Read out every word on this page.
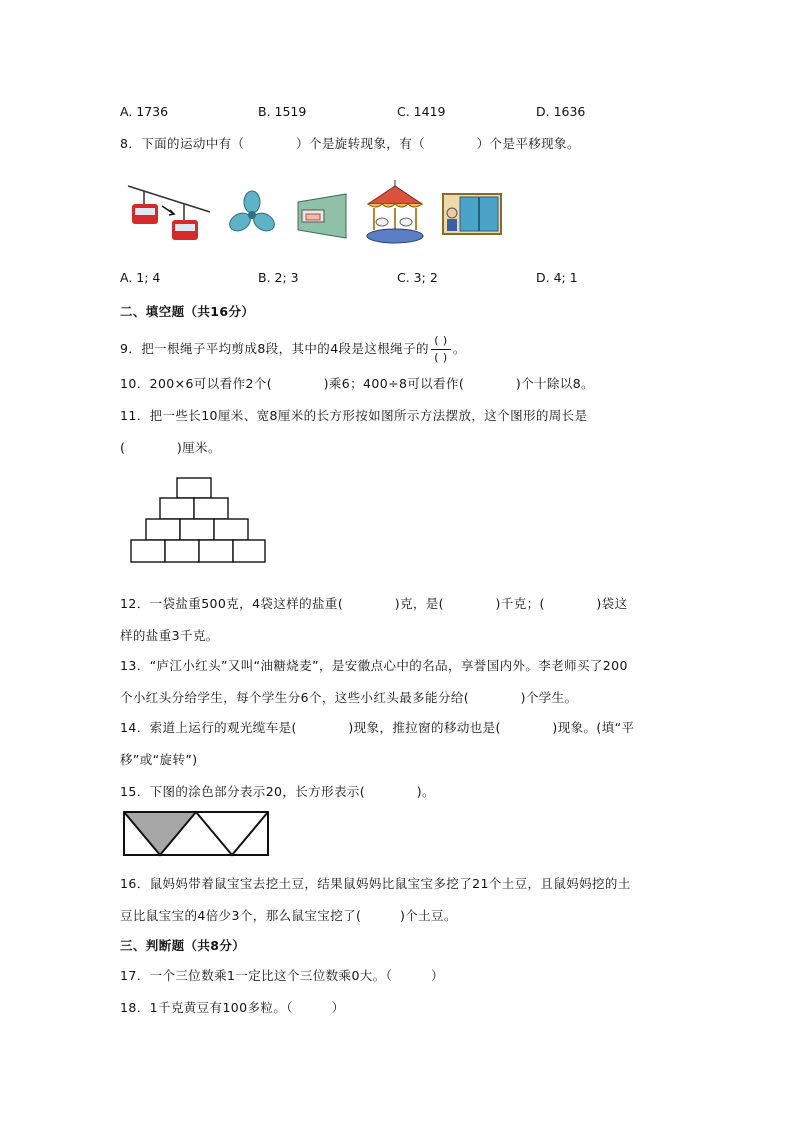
A. 1736	B. 1519	C. 1419	D. 1636
8．下面的运动中有（　　　　）个是旋转现象，有（　　　　）个是平移现象。
A. 1; 4	B. 2; 3	C. 3; 2	D. 4; 1
二、填空题（共16分）
9．把一根绳子平均剪成8段，其中的4段是这根绳子的 $\frac{( )}{( )}$ 。
10．200×6可以看作2个(　　　　)乘6；400÷8可以看作(　　　　)个十除以8。
11．把一些长10厘米、宽8厘米的长方形按如图所示方法摆放，这个图形的周长是
(　　　　)厘米。
12．一袋盐重500克，4袋这样的盐重(　　　　)克，是(　　　　)千克；(　　　　)袋这
样的盐重3千克。
13．“庐江小红头”又叫“油糖烧麦”，是安徽点心中的名品，享誉国内外。李老师买了200
个小红头分给学生，每个学生分6个，这些小红头最多能分给(　　　　)个学生。
14．索道上运行的观光缆车是(　　　　)现象，推拉窗的移动也是(　　　　)现象。(填“平
移”或“旋转”)
15．下图的涂色部分表示20，长方形表示(　　　　)。
16．鼠妈妈带着鼠宝宝去挖土豆，结果鼠妈妈比鼠宝宝多挖了21个土豆，且鼠妈妈挖的土
豆比鼠宝宝的4倍少3个，那么鼠宝宝挖了(　　　)个土豆。
三、判断题（共8分）
17．一个三位数乘1一定比这个三位数乘0大。（　　　）
18．1千克黄豆有100多粒。（　　　）
